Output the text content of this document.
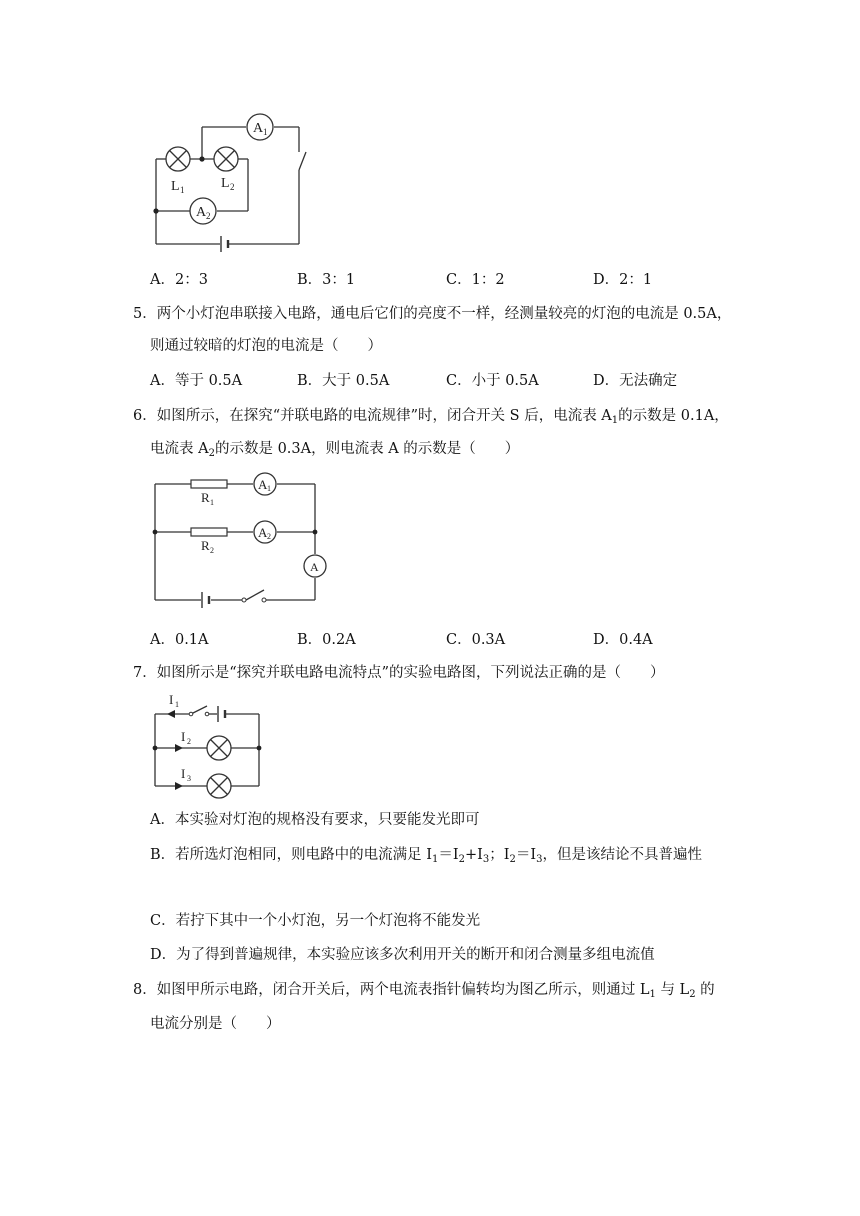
A 1
A 2
L 1	L 2
A．2：3	B．3：1	C．1：2	D．2：1
5．两个小灯泡串联接入电路，通电后它们的亮度不一样，经测量较亮的灯泡的电流是 0.5A，
则通过较暗的灯泡的电流是（　　）
A．等于 0.5A	B．大于 0.5A	C．小于 0.5A	D．无法确定
6．如图所示，在探究“并联电路的电流规律”时，闭合开关 S 后，电流表 $A_1$的示数是 0.1A，
电流表 $A_2$的示数是 0.3A，则电流表 A 的示数是（　　）
A 1
A 2
A
R 1
R 2
A．0.1A	B．0.2A	C．0.3A	D．0.4A
7．如图所示是“探究并联电路电流特点”的实验电路图，下列说法正确的是（　　）
I 1
I 2
I 3
A．本实验对灯泡的规格没有要求，只要能发光即可
B．若所选灯泡相同，则电路中的电流满足 $I_1=I_2+I_3$；$I_2=I_3$，但是该结论不具普遍性
C．若拧下其中一个小灯泡，另一个灯泡将不能发光
D．为了得到普遍规律，本实验应该多次利用开关的断开和闭合测量多组电流值
8．如图甲所示电路，闭合开关后，两个电流表指针偏转均为图乙所示，则通过 $L_1$ 与 $L_2$ 的
电流分别是（　　）
